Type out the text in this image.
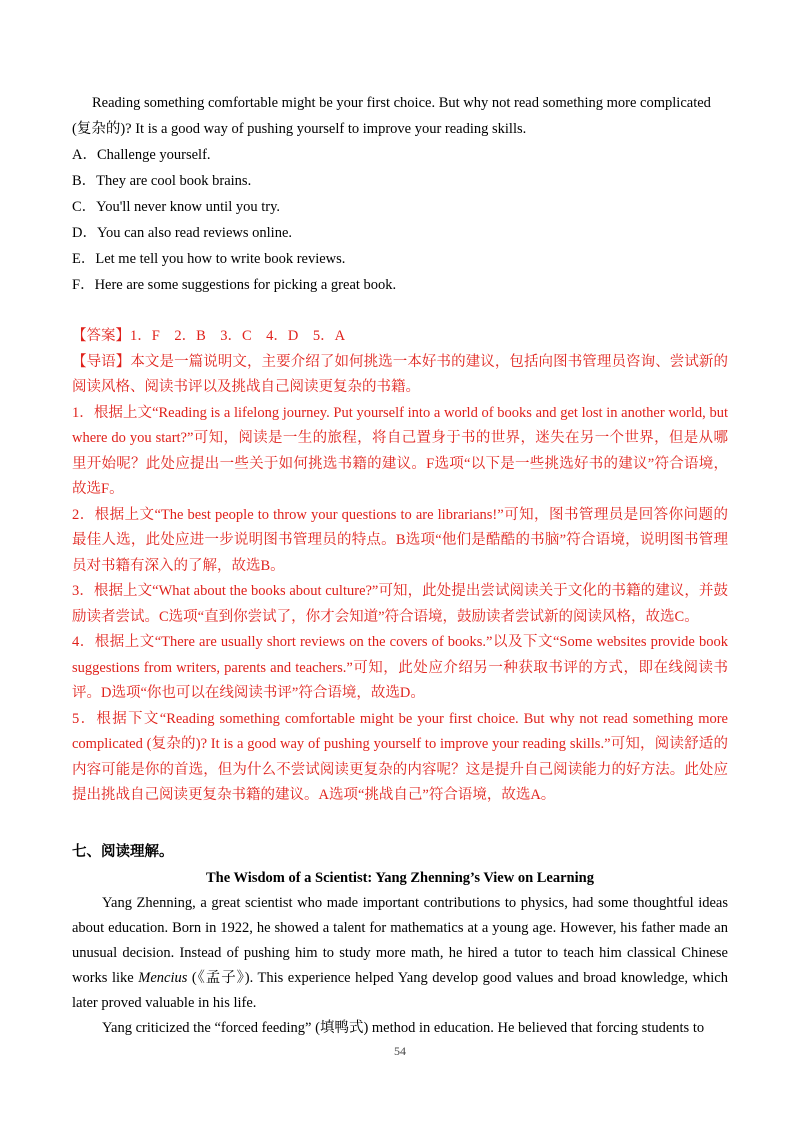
Reading something comfortable might be your first choice. But why not read something more complicated (复杂的)? It is a good way of pushing yourself to improve your reading skills.

A．Challenge yourself.

B．They are cool book brains.

C．You'll never know until you try.

D．You can also read reviews online.

E．Let me tell you how to write book reviews.

F．Here are some suggestions for picking a great book.

【答案】1．F　2．B　3．C　4．D　5．A

【导语】本文是一篇说明文，主要介绍了如何挑选一本好书的建议，包括向图书管理员咨询、尝试新的阅读风格、阅读书评以及挑战自己阅读更复杂的书籍。

1．根据上文“Reading is a lifelong journey. Put yourself into a world of books and get lost in another world, but where do you start?”可知，阅读是一生的旅程，将自己置身于书的世界，迷失在另一个世界，但是从哪里开始呢？此处应提出一些关于如何挑选书籍的建议。F选项“以下是一些挑选好书的建议”符合语境，故选F。

2．根据上文“The best people to throw your questions to are librarians!”可知，图书管理员是回答你问题的最佳人选，此处应进一步说明图书管理员的特点。B选项“他们是酷酷的书脑”符合语境，说明图书管理员对书籍有深入的了解，故选B。

3．根据上文“What about the books about culture?”可知，此处提出尝试阅读关于文化的书籍的建议，并鼓励读者尝试。C选项“直到你尝试了，你才会知道”符合语境，鼓励读者尝试新的阅读风格，故选C。

4．根据上文“There are usually short reviews on the covers of books.”以及下文“Some websites provide book suggestions from writers, parents and teachers.”可知，此处应介绍另一种获取书评的方式，即在线阅读书评。D选项“你也可以在线阅读书评”符合语境，故选D。

5．根据下文“Reading something comfortable might be your first choice. But why not read something more complicated (复杂的)? It is a good way of pushing yourself to improve your reading skills.”可知，阅读舒适的内容可能是你的首选，但为什么不尝试阅读更复杂的内容呢？这是提升自己阅读能力的好方法。此处应提出挑战自己阅读更复杂书籍的建议。A选项“挑战自己”符合语境，故选A。

七、阅读理解。

The Wisdom of a Scientist: Yang Zhenning’s View on Learning

Yang Zhenning, a great scientist who made important contributions to physics, had some thoughtful ideas about education. Born in 1922, he showed a talent for mathematics at a young age. However, his father made an unusual decision. Instead of pushing him to study more math, he hired a tutor to teach him classical Chinese works like Mencius (《孟子》). This experience helped Yang develop good values and broad knowledge, which later proved valuable in his life.

Yang criticized the “forced feeding” (填鸭式) method in education. He believed that forcing students to

54
